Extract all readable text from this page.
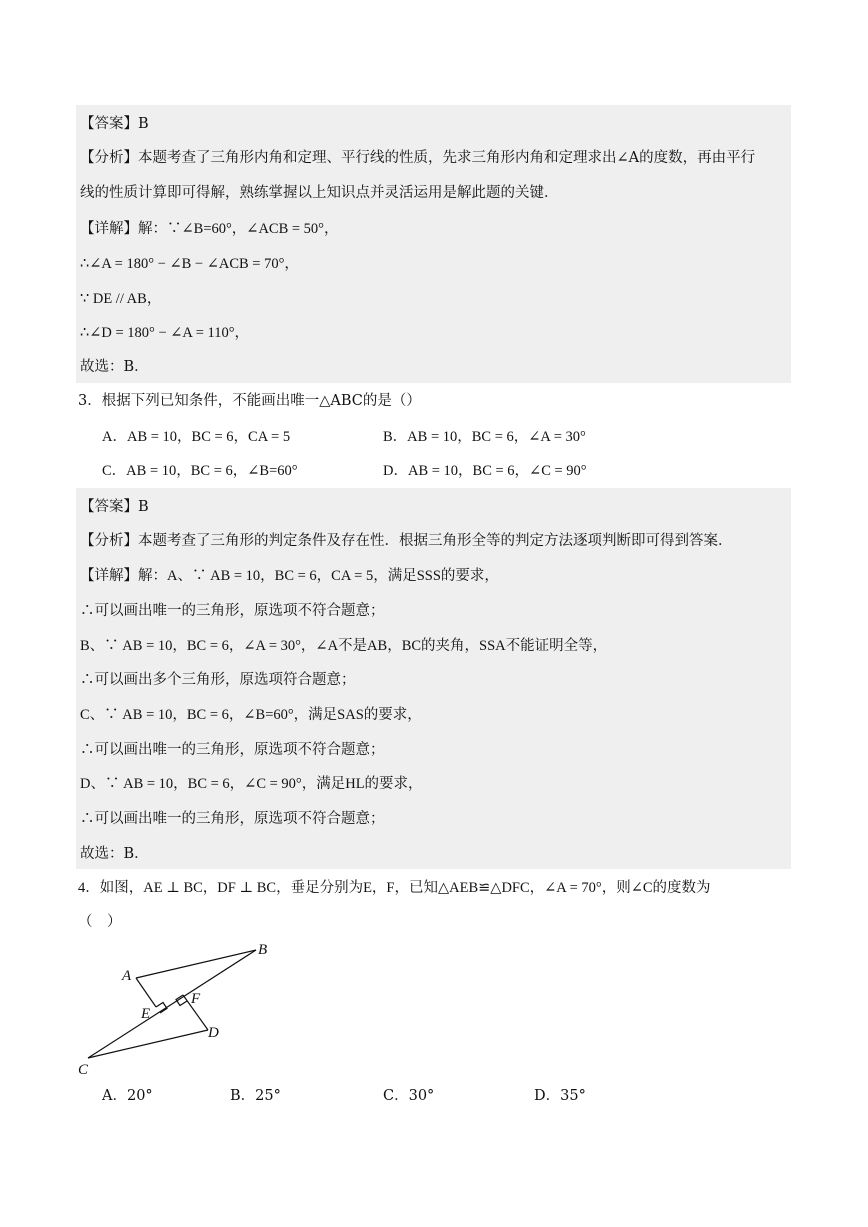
【答案】B
【分析】本题考查了三角形内角和定理、平行线的性质，先求三角形内角和定理求出∠A的度数，再由平行
线的性质计算即可得解，熟练掌握以上知识点并灵活运用是解此题的关键．
【详解】解：∵∠B=60°，∠ACB = 50°，
∴∠A = 180° − ∠B − ∠ACB = 70°，
∵ DE // AB，
∴∠D = 180° − ∠A = 110°，
故选：B．
3．根据下列已知条件，不能画出唯一△ABC的是（）
A．AB = 10，BC = 6，CA = 5	B．AB = 10，BC = 6，∠A = 30°
C．AB = 10，BC = 6，∠B=60°	D．AB = 10，BC = 6，∠C = 90°
【答案】B
【分析】本题考查了三角形的判定条件及存在性．根据三角形全等的判定方法逐项判断即可得到答案．
【详解】解：A、∵ AB = 10，BC = 6，CA = 5，满足SSS的要求，
∴可以画出唯一的三角形，原选项不符合题意；
B、∵ AB = 10，BC = 6，∠A = 30°，∠A不是AB，BC的夹角，SSA不能证明全等，
∴可以画出多个三角形，原选项符合题意；
C、∵ AB = 10，BC = 6，∠B=60°，满足SAS的要求，
∴可以画出唯一的三角形，原选项不符合题意；
D、∵ AB = 10，BC = 6，∠C = 90°，满足HL的要求，
∴可以画出唯一的三角形，原选项不符合题意；
故选：B．
4．如图，AE ⊥ BC，DF ⊥ BC，垂足分别为E，F，已知△AEB≌△DFC，∠A = 70°，则∠C的度数为
（　）
A
B
C
D
E
F
A．20°	B．25°	C．30°	D．35°
